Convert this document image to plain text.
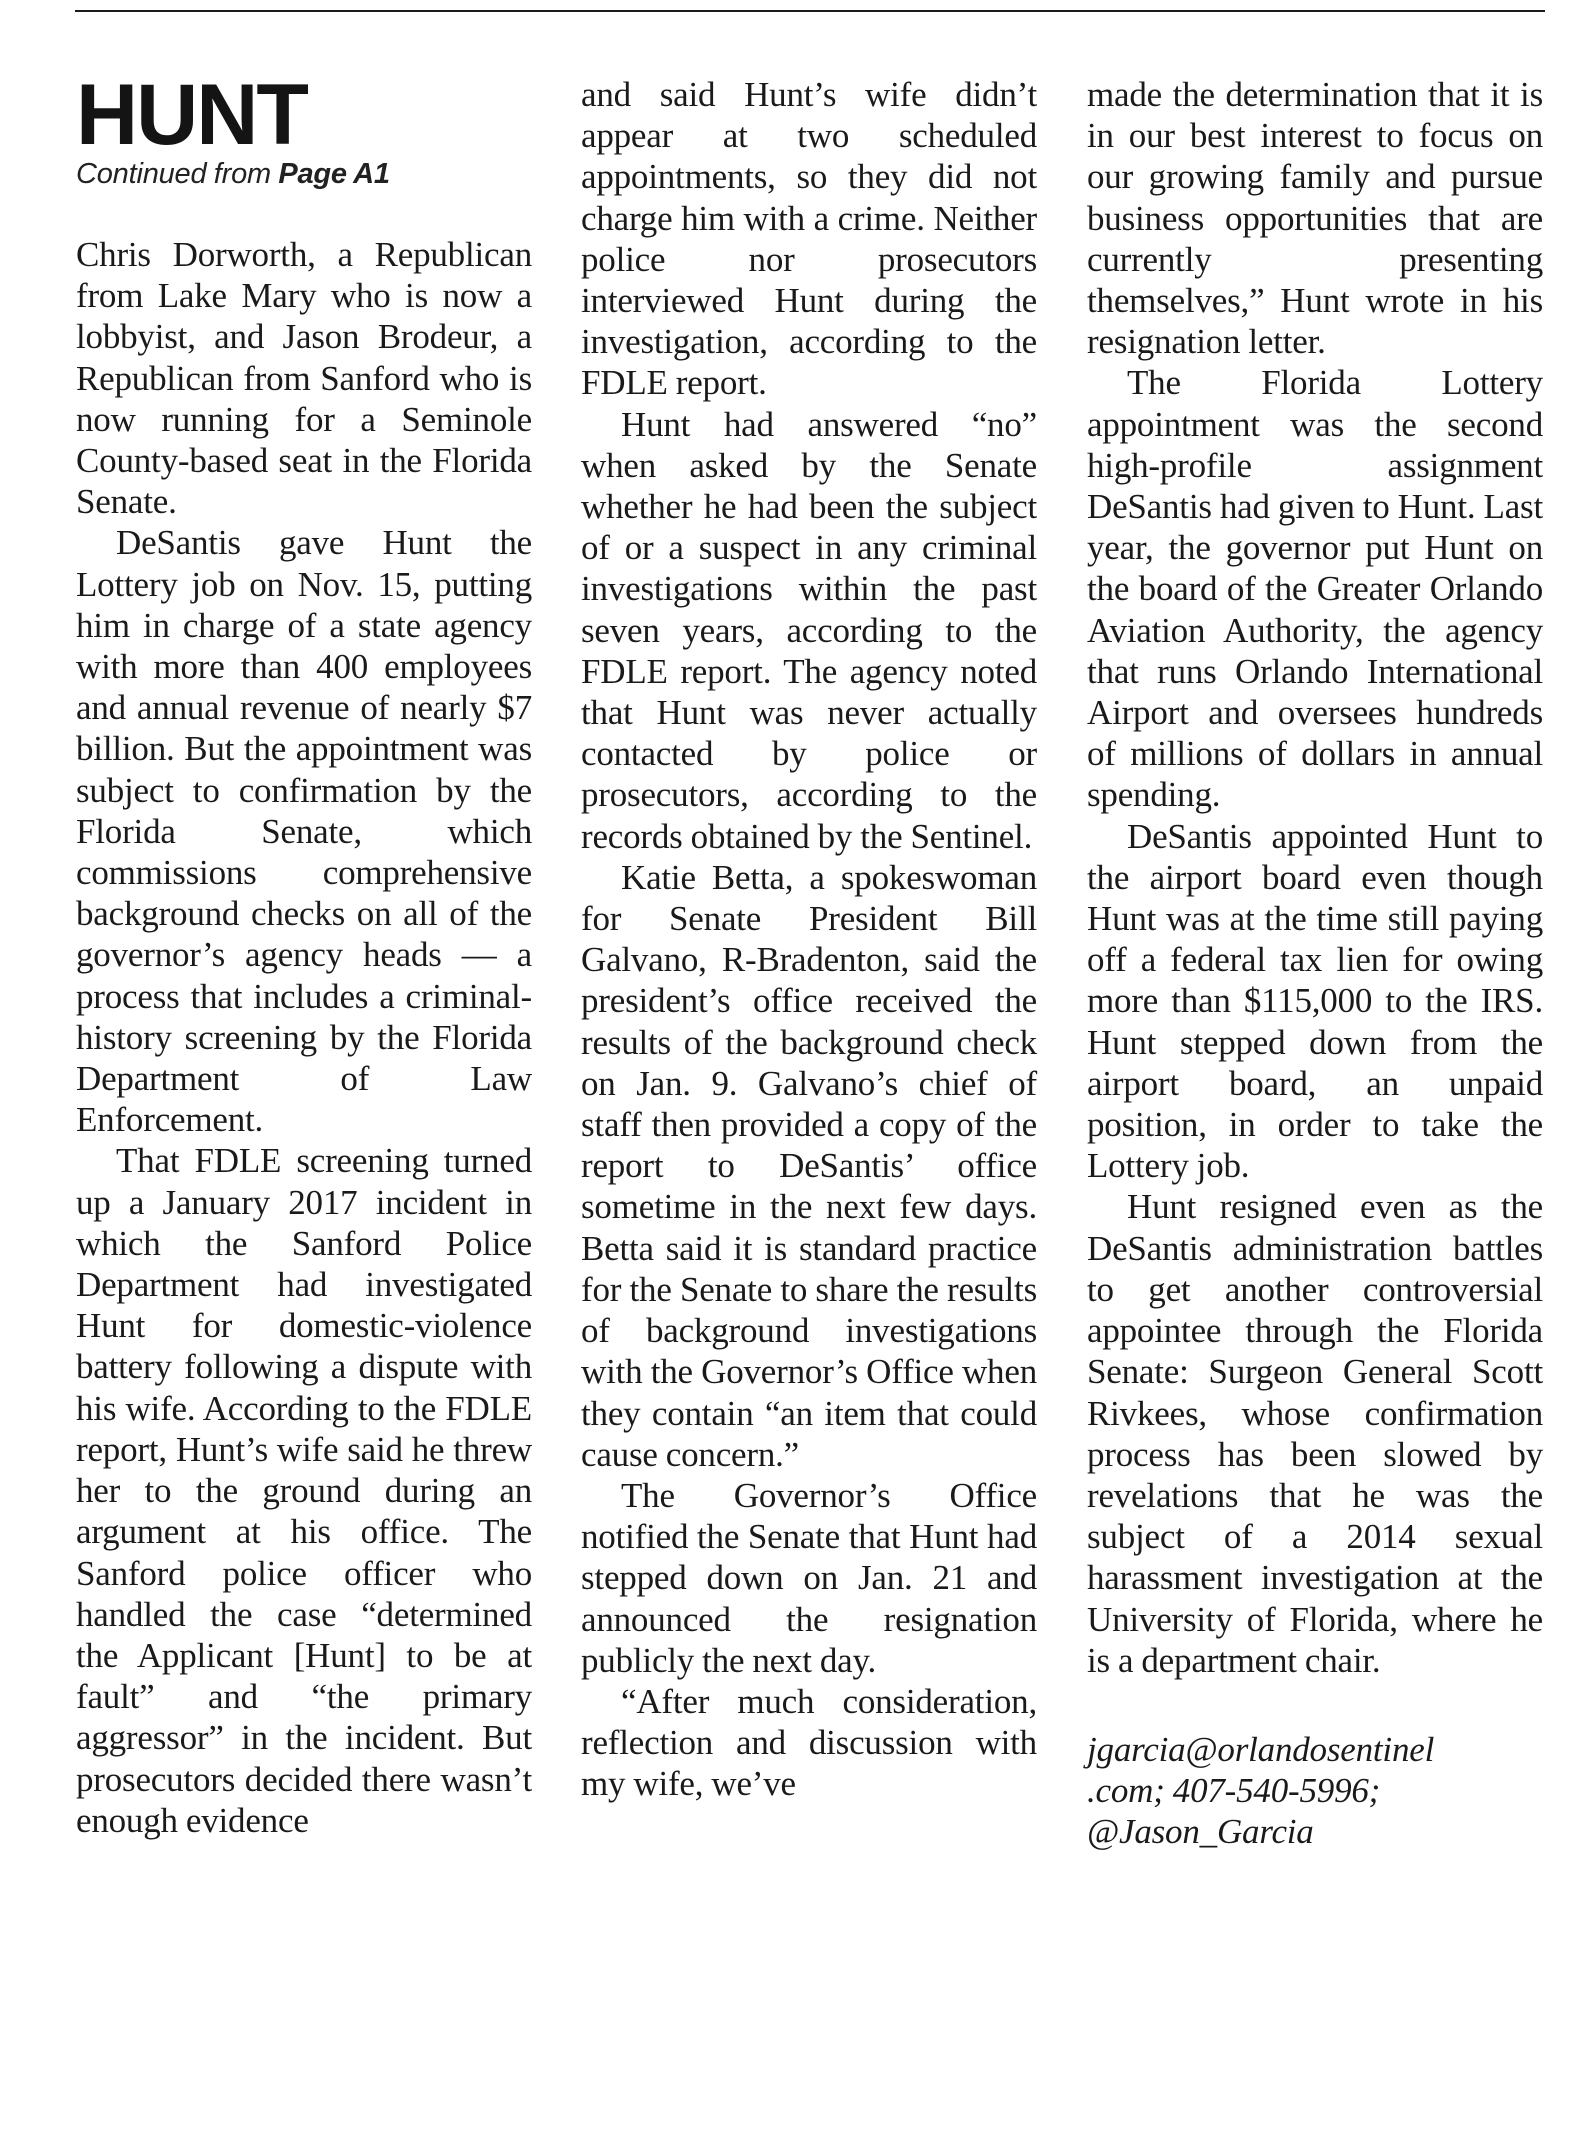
HUNT
Continued from Page A1

Chris Dorworth, a Republican from Lake Mary who is now a lobbyist, and Jason Brodeur, a Republican from Sanford who is now running for a Seminole County-based seat in the Florida Senate.

DeSantis gave Hunt the Lottery job on Nov. 15, putting him in charge of a state agency with more than 400 employees and annual revenue of nearly $7 billion. But the appointment was subject to confirmation by the Florida Senate, which commissions comprehensive background checks on all of the governor’s agency heads — a process that includes a criminal-history screening by the Florida Department of Law Enforcement.

That FDLE screening turned up a January 2017 incident in which the Sanford Police Department had investigated Hunt for domestic-violence battery following a dispute with his wife. According to the FDLE report, Hunt’s wife said he threw her to the ground during an argument at his office. The Sanford police officer who handled the case “determined the Applicant [Hunt] to be at fault” and “the primary aggressor” in the incident. But prosecutors decided there wasn’t enough evidence

and said Hunt’s wife didn’t appear at two scheduled appointments, so they did not charge him with a crime. Neither police nor prosecutors interviewed Hunt during the investigation, according to the FDLE report.

Hunt had answered “no” when asked by the Senate whether he had been the subject of or a suspect in any criminal investigations within the past seven years, according to the FDLE report. The agency noted that Hunt was never actually contacted by police or prosecutors, according to the records obtained by the Sentinel.

Katie Betta, a spokeswoman for Senate President Bill Galvano, R-Bradenton, said the president’s office received the results of the background check on Jan. 9. Galvano’s chief of staff then provided a copy of the report to DeSantis’ office sometime in the next few days. Betta said it is standard practice for the Senate to share the results of background investigations with the Governor’s Office when they contain “an item that could cause concern.”

The Governor’s Office notified the Senate that Hunt had stepped down on Jan. 21 and announced the resignation publicly the next day.

“After much consideration, reflection and discussion with my wife, we’ve

made the determination that it is in our best interest to focus on our growing family and pursue business opportunities that are currently presenting themselves,” Hunt wrote in his resignation letter.

The Florida Lottery appointment was the second high-profile assignment DeSantis had given to Hunt. Last year, the governor put Hunt on the board of the Greater Orlando Aviation Authority, the agency that runs Orlando International Airport and oversees hundreds of millions of dollars in annual spending.

DeSantis appointed Hunt to the airport board even though Hunt was at the time still paying off a federal tax lien for owing more than $115,000 to the IRS. Hunt stepped down from the airport board, an unpaid position, in order to take the Lottery job.

Hunt resigned even as the DeSantis administration battles to get another controversial appointee through the Florida Senate: Surgeon General Scott Rivkees, whose confirmation process has been slowed by revelations that he was the subject of a 2014 sexual harassment investigation at the University of Florida, where he is a department chair.

jgarcia@orlandosentinel
.com; 407-540-5996;
@Jason_Garcia
